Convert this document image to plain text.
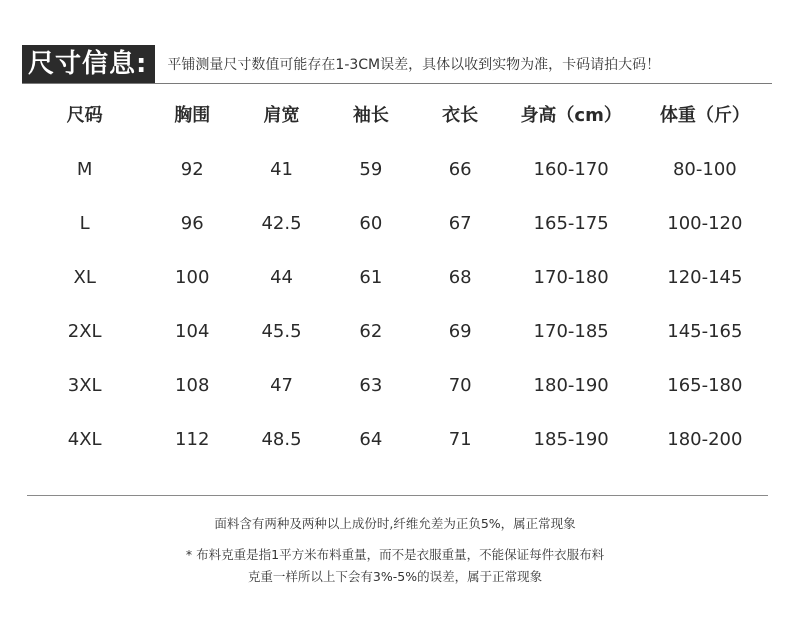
尺寸信息:	平铺测量尺寸数值可能存在1-3CM误差，具体以收到实物为准，卡码请拍大码！
尺码	胸围	肩宽	袖长	衣长	身高（cm）	体重（斤）
M	92	41	59	66	160-170	80-100
L	96	42.5	60	67	165-175	100-120
XL	100	44	61	68	170-180	120-145
2XL	104	45.5	62	69	170-185	145-165
3XL	108	47	63	70	180-190	165-180
4XL	112	48.5	64	71	185-190	180-200
面料含有两种及两种以上成份时,纤维允差为正负5%，属正常现象
* 布料克重是指1平方米布料重量，而不是衣服重量，不能保证每件衣服布料
克重一样所以上下会有3%-5%的误差，属于正常现象
